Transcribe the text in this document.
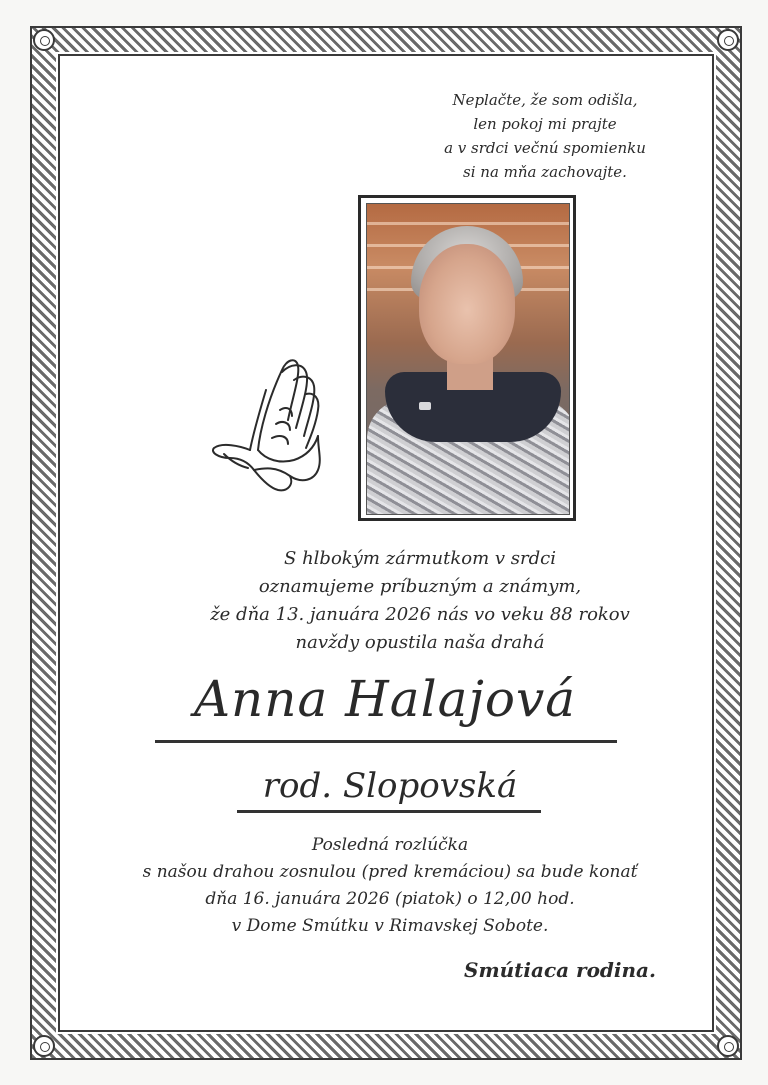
Neplačte, že som odišla,
len pokoj mi prajte
a v srdci večnú spomienku
si na mňa zachovajte.
S hlbokým zármutkom v srdci
oznamujeme príbuzným a známym,
že dňa 13. januára 2026 nás vo veku 88 rokov
navždy opustila naša drahá
Anna Halajová
rod. Slopovská
Posledná rozlúčka
s našou drahou zosnulou (pred kremáciou) sa bude konať
dňa 16. januára 2026 (piatok) o 12,00 hod.
v Dome Smútku v Rimavskej Sobote.
Smútiaca rodina.
